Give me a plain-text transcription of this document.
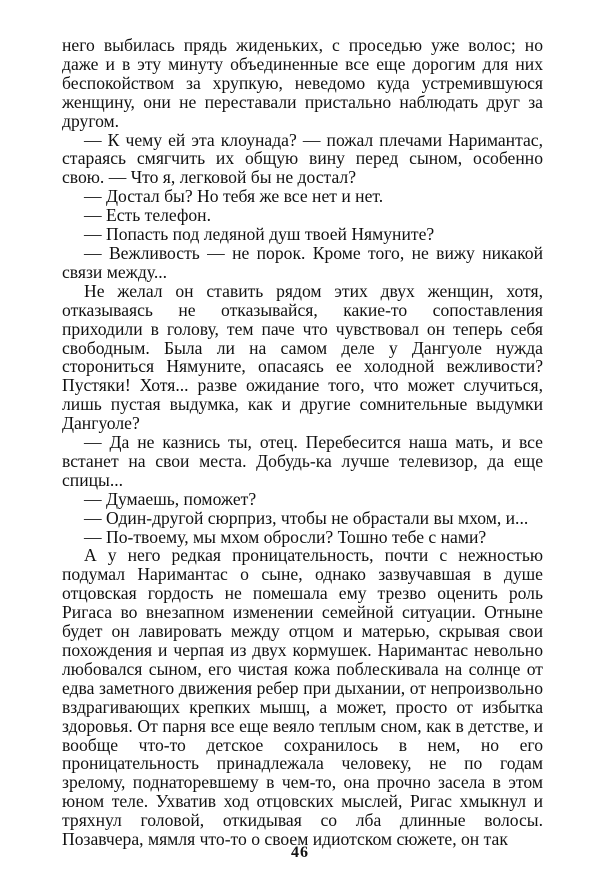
него выбилась прядь жиденьких, с проседью уже волос; но даже и в эту минуту объединенные все еще дорогим для них беспокойством за хрупкую, неведомо куда устремившуюся женщину, они не переставали пристально наблюдать друг за другом.

— К чему ей эта клоунада? — пожал плечами Наримантас, стараясь смягчить их общую вину перед сыном, особенно свою. — Что я, легковой бы не достал?

— Достал бы? Но тебя же все нет и нет.

— Есть телефон.

— Попасть под ледяной душ твоей Нямуните?

— Вежливость — не порок. Кроме того, не вижу никакой связи между...

Не желал он ставить рядом этих двух женщин, хотя, отказываясь не отказывайся, какие-то сопоставления приходили в голову, тем паче что чувствовал он теперь себя свободным. Была ли на самом деле у Дангуоле нужда сторониться Нямуните, опасаясь ее холодной вежливости? Пустяки! Хотя... разве ожидание того, что может случиться, лишь пустая выдумка, как и другие сомнительные выдумки Дангуоле?

— Да не казнись ты, отец. Перебесится наша мать, и все встанет на свои места. Добудь-ка лучше телевизор, да еще спицы...

— Думаешь, поможет?

— Один-другой сюрприз, чтобы не обрастали вы мхом, и...

— По-твоему, мы мхом обросли? Тошно тебе с нами?

А у него редкая проницательность, почти с нежностью подумал Наримантас о сыне, однако зазвучавшая в душе отцовская гордость не помешала ему трезво оценить роль Ригаса во внезапном изменении семейной ситуации. Отныне будет он лавировать между отцом и матерью, скрывая свои похождения и черпая из двух кормушек. Наримантас невольно любовался сыном, его чистая кожа поблескивала на солнце от едва заметного движения ребер при дыхании, от непроизвольно вздрагивающих крепких мышц, а может, просто от избытка здоровья. От парня все еще веяло теплым сном, как в детстве, и вообще что-то детское сохранилось в нем, но его проницательность принадлежала человеку, не по годам зрелому, поднаторевшему в чем-то, она прочно засела в этом юном теле. Ухватив ход отцовских мыслей, Ригас хмыкнул и тряхнул головой, откидывая со лба длинные волосы. Позавчера, мямля что-то о своем идиотском сюжете, он так

46
